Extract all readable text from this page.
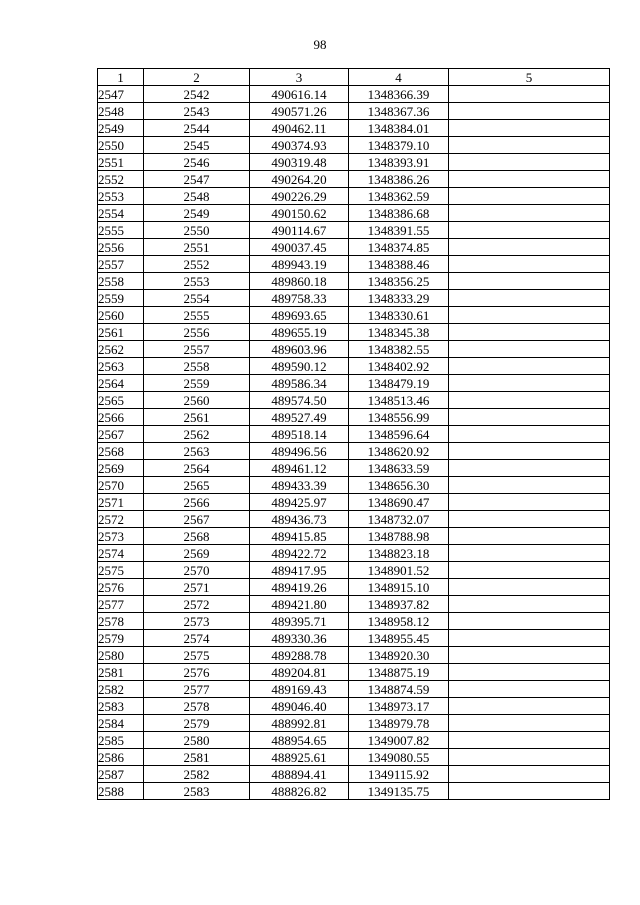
98
1	2	3	4	5
2547	2542	490616.14	1348366.39	
2548	2543	490571.26	1348367.36	
2549	2544	490462.11	1348384.01	
2550	2545	490374.93	1348379.10	
2551	2546	490319.48	1348393.91	
2552	2547	490264.20	1348386.26	
2553	2548	490226.29	1348362.59	
2554	2549	490150.62	1348386.68	
2555	2550	490114.67	1348391.55	
2556	2551	490037.45	1348374.85	
2557	2552	489943.19	1348388.46	
2558	2553	489860.18	1348356.25	
2559	2554	489758.33	1348333.29	
2560	2555	489693.65	1348330.61	
2561	2556	489655.19	1348345.38	
2562	2557	489603.96	1348382.55	
2563	2558	489590.12	1348402.92	
2564	2559	489586.34	1348479.19	
2565	2560	489574.50	1348513.46	
2566	2561	489527.49	1348556.99	
2567	2562	489518.14	1348596.64	
2568	2563	489496.56	1348620.92	
2569	2564	489461.12	1348633.59	
2570	2565	489433.39	1348656.30	
2571	2566	489425.97	1348690.47	
2572	2567	489436.73	1348732.07	
2573	2568	489415.85	1348788.98	
2574	2569	489422.72	1348823.18	
2575	2570	489417.95	1348901.52	
2576	2571	489419.26	1348915.10	
2577	2572	489421.80	1348937.82	
2578	2573	489395.71	1348958.12	
2579	2574	489330.36	1348955.45	
2580	2575	489288.78	1348920.30	
2581	2576	489204.81	1348875.19	
2582	2577	489169.43	1348874.59	
2583	2578	489046.40	1348973.17	
2584	2579	488992.81	1348979.78	
2585	2580	488954.65	1349007.82	
2586	2581	488925.61	1349080.55	
2587	2582	488894.41	1349115.92	
2588	2583	488826.82	1349135.75	
